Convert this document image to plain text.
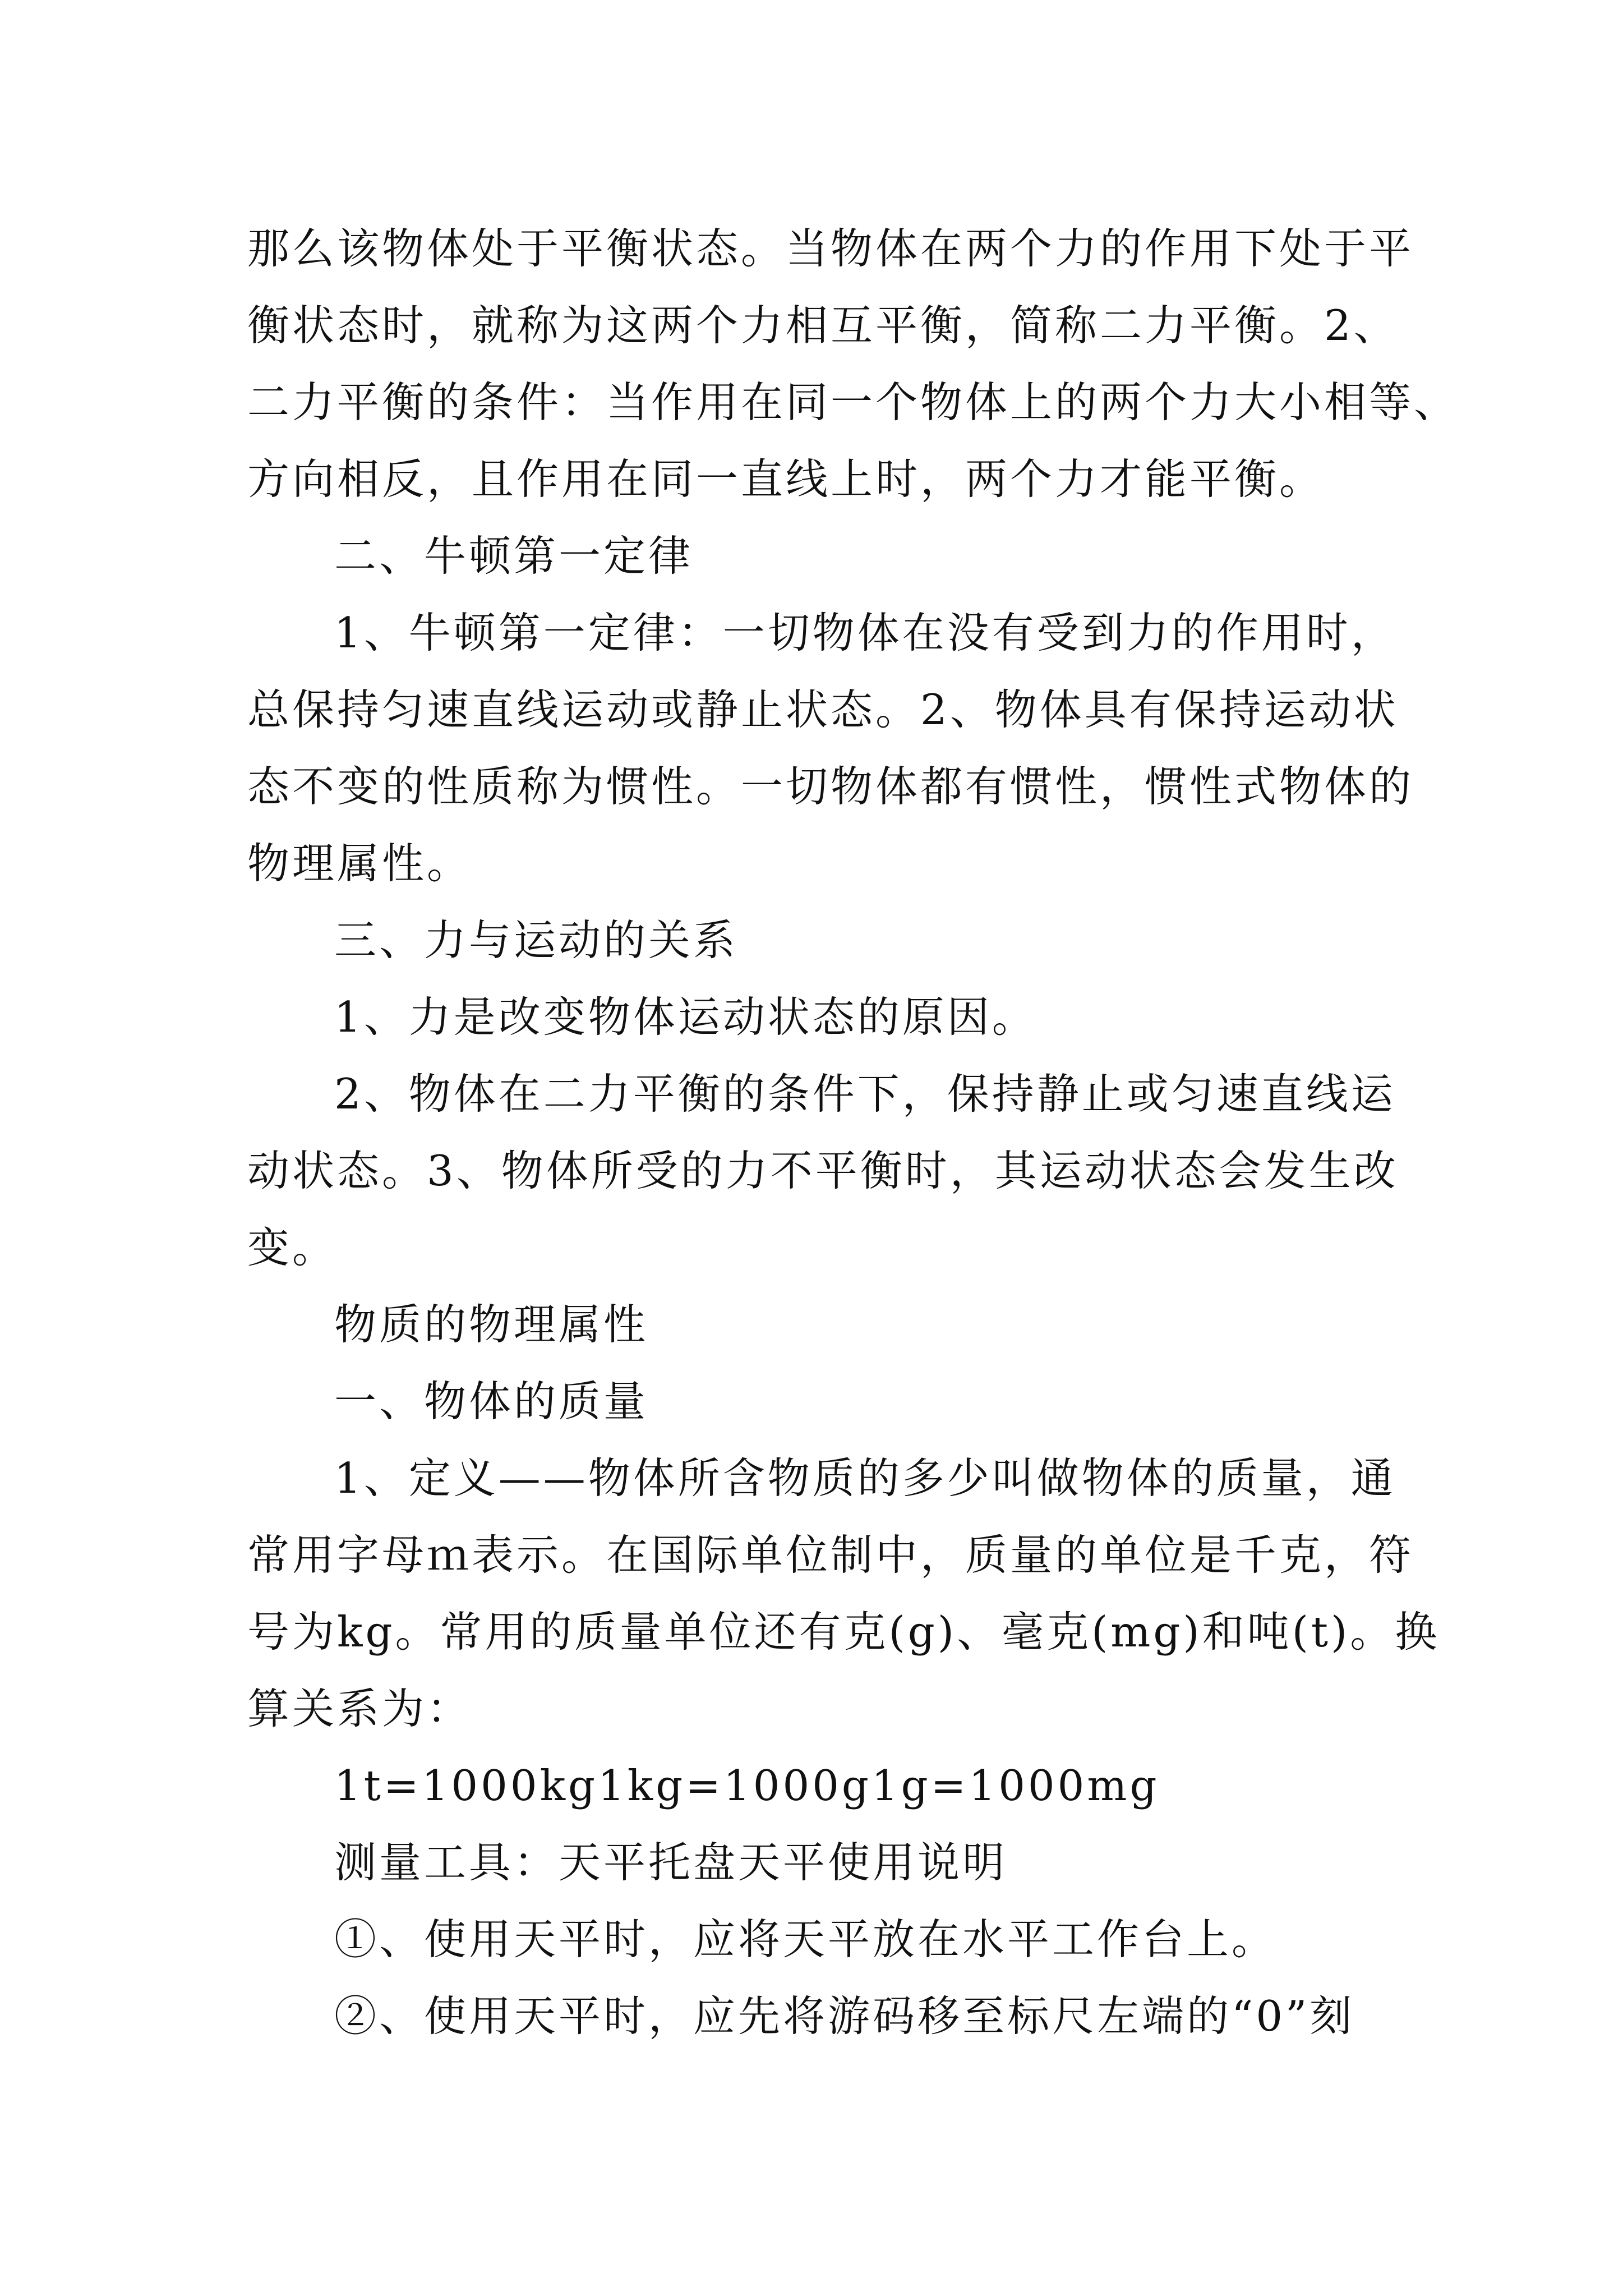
那么该物体处于平衡状态。当物体在两个力的作用下处于平
衡状态时，就称为这两个力相互平衡，简称二力平衡。2、
二力平衡的条件：当作用在同一个物体上的两个力大小相等、
方向相反，且作用在同一直线上时，两个力才能平衡。
二、牛顿第一定律
1、牛顿第一定律：一切物体在没有受到力的作用时，
总保持匀速直线运动或静止状态。2、物体具有保持运动状
态不变的性质称为惯性。一切物体都有惯性，惯性式物体的
物理属性。
三、力与运动的关系
1、力是改变物体运动状态的原因。
2、物体在二力平衡的条件下，保持静止或匀速直线运
动状态。3、物体所受的力不平衡时，其运动状态会发生改
变。
物质的物理属性
一、物体的质量
1、定义——物体所含物质的多少叫做物体的质量，通
常用字母ｍ表示。在国际单位制中，质量的单位是千克，符
号为kg。常用的质量单位还有克(g)、毫克(mg)和吨(t)。换
算关系为：
1t=1000kg1kg=1000g1g=1000mg
测量工具：天平托盘天平使用说明
①、使用天平时，应将天平放在水平工作台上。
②、使用天平时，应先将游码移至标尺左端的“0”刻
